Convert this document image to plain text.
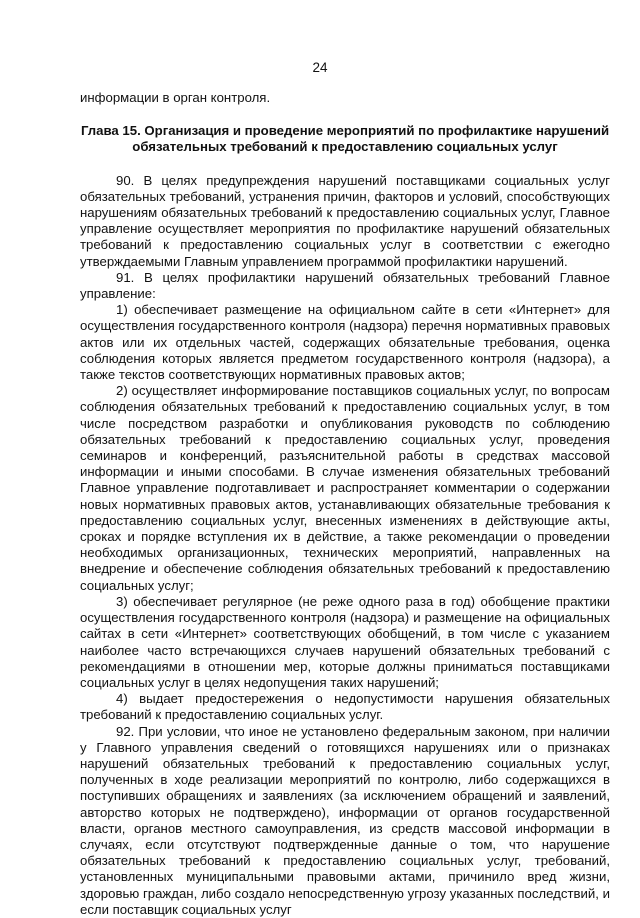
24

информации в орган контроля.

Глава 15. Организация и проведение мероприятий по профилактике нарушений
обязательных требований к предоставлению социальных услуг

90. В целях предупреждения нарушений поставщиками социальных услуг обязательных требований, устранения причин, факторов и условий, способствующих нарушениям обязательных требований к предоставлению социальных услуг, Главное управление осуществляет мероприятия по профилактике нарушений обязательных требований к предоставлению социальных услуг в соответствии с ежегодно утверждаемыми Главным управлением программой профилактики нарушений.

91. В целях профилактики нарушений обязательных требований Главное управление:

1) обеспечивает размещение на официальном сайте в сети «Интернет» для осуществления государственного контроля (надзора) перечня нормативных правовых актов или их отдельных частей, содержащих обязательные требования, оценка соблюдения которых является предметом государственного контроля (надзора), а также текстов соответствующих нормативных правовых актов;

2) осуществляет информирование поставщиков социальных услуг, по вопросам соблюдения обязательных требований к предоставлению социальных услуг, в том числе посредством разработки и опубликования руководств по соблюдению обязательных требований к предоставлению социальных услуг, проведения семинаров и конференций, разъяснительной работы в средствах массовой информации и иными способами. В случае изменения обязательных требований Главное управление подготавливает и распространяет комментарии о содержании новых нормативных правовых актов, устанавливающих обязательные требования к предоставлению социальных услуг, внесенных изменениях в действующие акты, сроках и порядке вступления их в действие, а также рекомендации о проведении необходимых организационных, технических мероприятий, направленных на внедрение и обеспечение соблюдения обязательных требований к предоставлению социальных услуг;

3) обеспечивает регулярное (не реже одного раза в год) обобщение практики осуществления государственного контроля (надзора) и размещение на официальных сайтах в сети «Интернет» соответствующих обобщений, в том числе с указанием наиболее часто встречающихся случаев нарушений обязательных требований с рекомендациями в отношении мер, которые должны приниматься поставщиками социальных услуг в целях недопущения таких нарушений;

4) выдает предостережения о недопустимости нарушения обязательных требований к предоставлению социальных услуг.

92. При условии, что иное не установлено федеральным законом, при наличии у Главного управления сведений о готовящихся нарушениях или о признаках нарушений обязательных требований к предоставлению социальных услуг, полученных в ходе реализации мероприятий по контролю, либо содержащихся в поступивших обращениях и заявлениях (за исключением обращений и заявлений, авторство которых не подтверждено), информации от органов государственной власти, органов местного самоуправления, из средств массовой информации в случаях, если отсутствуют подтвержденные данные о том, что нарушение обязательных требований к предоставлению социальных услуг, требований, установленных муниципальными правовыми актами, причинило вред жизни, здоровью граждан, либо создало непосредственную угрозу указанных последствий, и если поставщик социальных услуг
